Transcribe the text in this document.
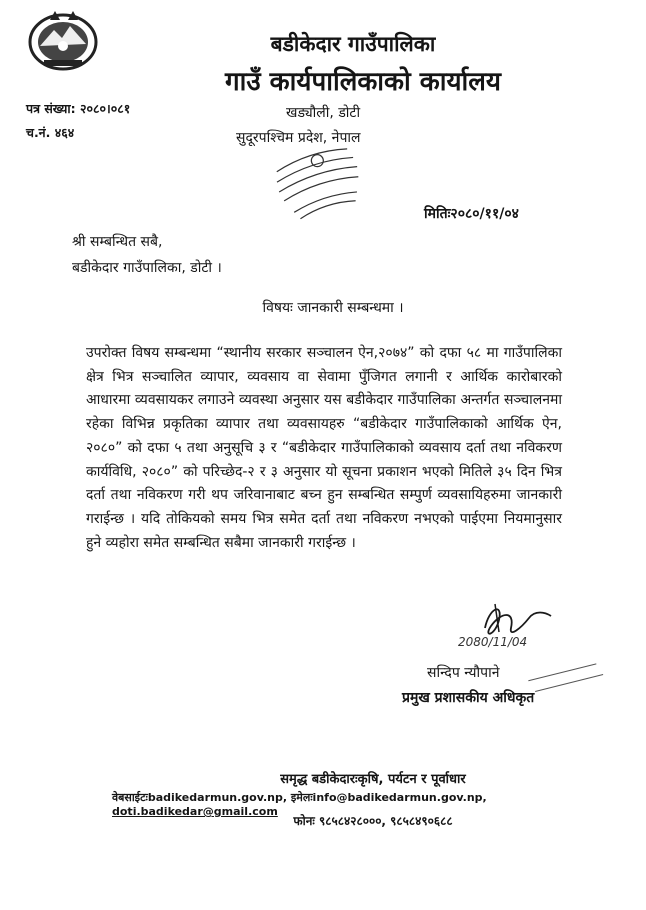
बडीकेदार गाउँपालिका
गाउँ कार्यपालिकाको कार्यालय
पत्र संख्या: २०८०।०८१
च.नं. ४६४
खड्यौली, डोटी
सुदूरपश्चिम प्रदेश, नेपाल
मितिः२०८०/११/०४
श्री सम्बन्धित सबै,
बडीकेदार गाउँपालिका, डोटी ।
विषयः जानकारी सम्बन्धमा ।
उपरोक्त विषय सम्बन्धमा “स्थानीय सरकार सञ्चालन ऐन,२०७४” को दफा ५८ मा गाउँपालिका क्षेत्र भित्र सञ्चालित व्यापार, व्यवसाय वा सेवामा पुँजिगत लगानी र आर्थिक कारोबारको आधारमा व्यवसायकर लगाउने व्यवस्था अनुसार यस बडीकेदार गाउँपालिका अन्तर्गत सञ्चालनमा रहेका विभिन्न प्रकृतिका व्यापार तथा व्यवसायहरु “बडीकेदार गाउँपालिकाको आर्थिक ऐन, २०८०” को दफा ५ तथा अनुसूचि ३ र “बडीकेदार गाउँपालिकाको व्यवसाय दर्ता तथा नविकरण कार्यविधि, २०८०” को परिच्छेद-२ र ३ अनुसार यो सूचना प्रकाशन भएको मितिले ३५ दिन भित्र दर्ता तथा नविकरण गरी थप जरिवानाबाट बच्न हुन सम्बन्धित सम्पुर्ण व्यवसायिहरुमा जानकारी गराईन्छ । यदि तोकियको समय भित्र समेत दर्ता तथा नविकरण नभएको पाईएमा नियमानुसार हुने व्यहोरा समेत सम्बन्धित सबैमा जानकारी गराईन्छ ।
2080/11/04
सन्दिप न्यौपाने
प्रमुख प्रशासकीय अधिकृत
समृद्ध बडीकेदारःकृषि, पर्यटन र पूर्वाधार
वेबसाईटःbadikedarmun.gov.np, इमेलःinfo@badikedarmun.gov.np, doti.badikedar@gmail.com
फोनः ९८५८४२८०००, ९८५८४९०६८८
